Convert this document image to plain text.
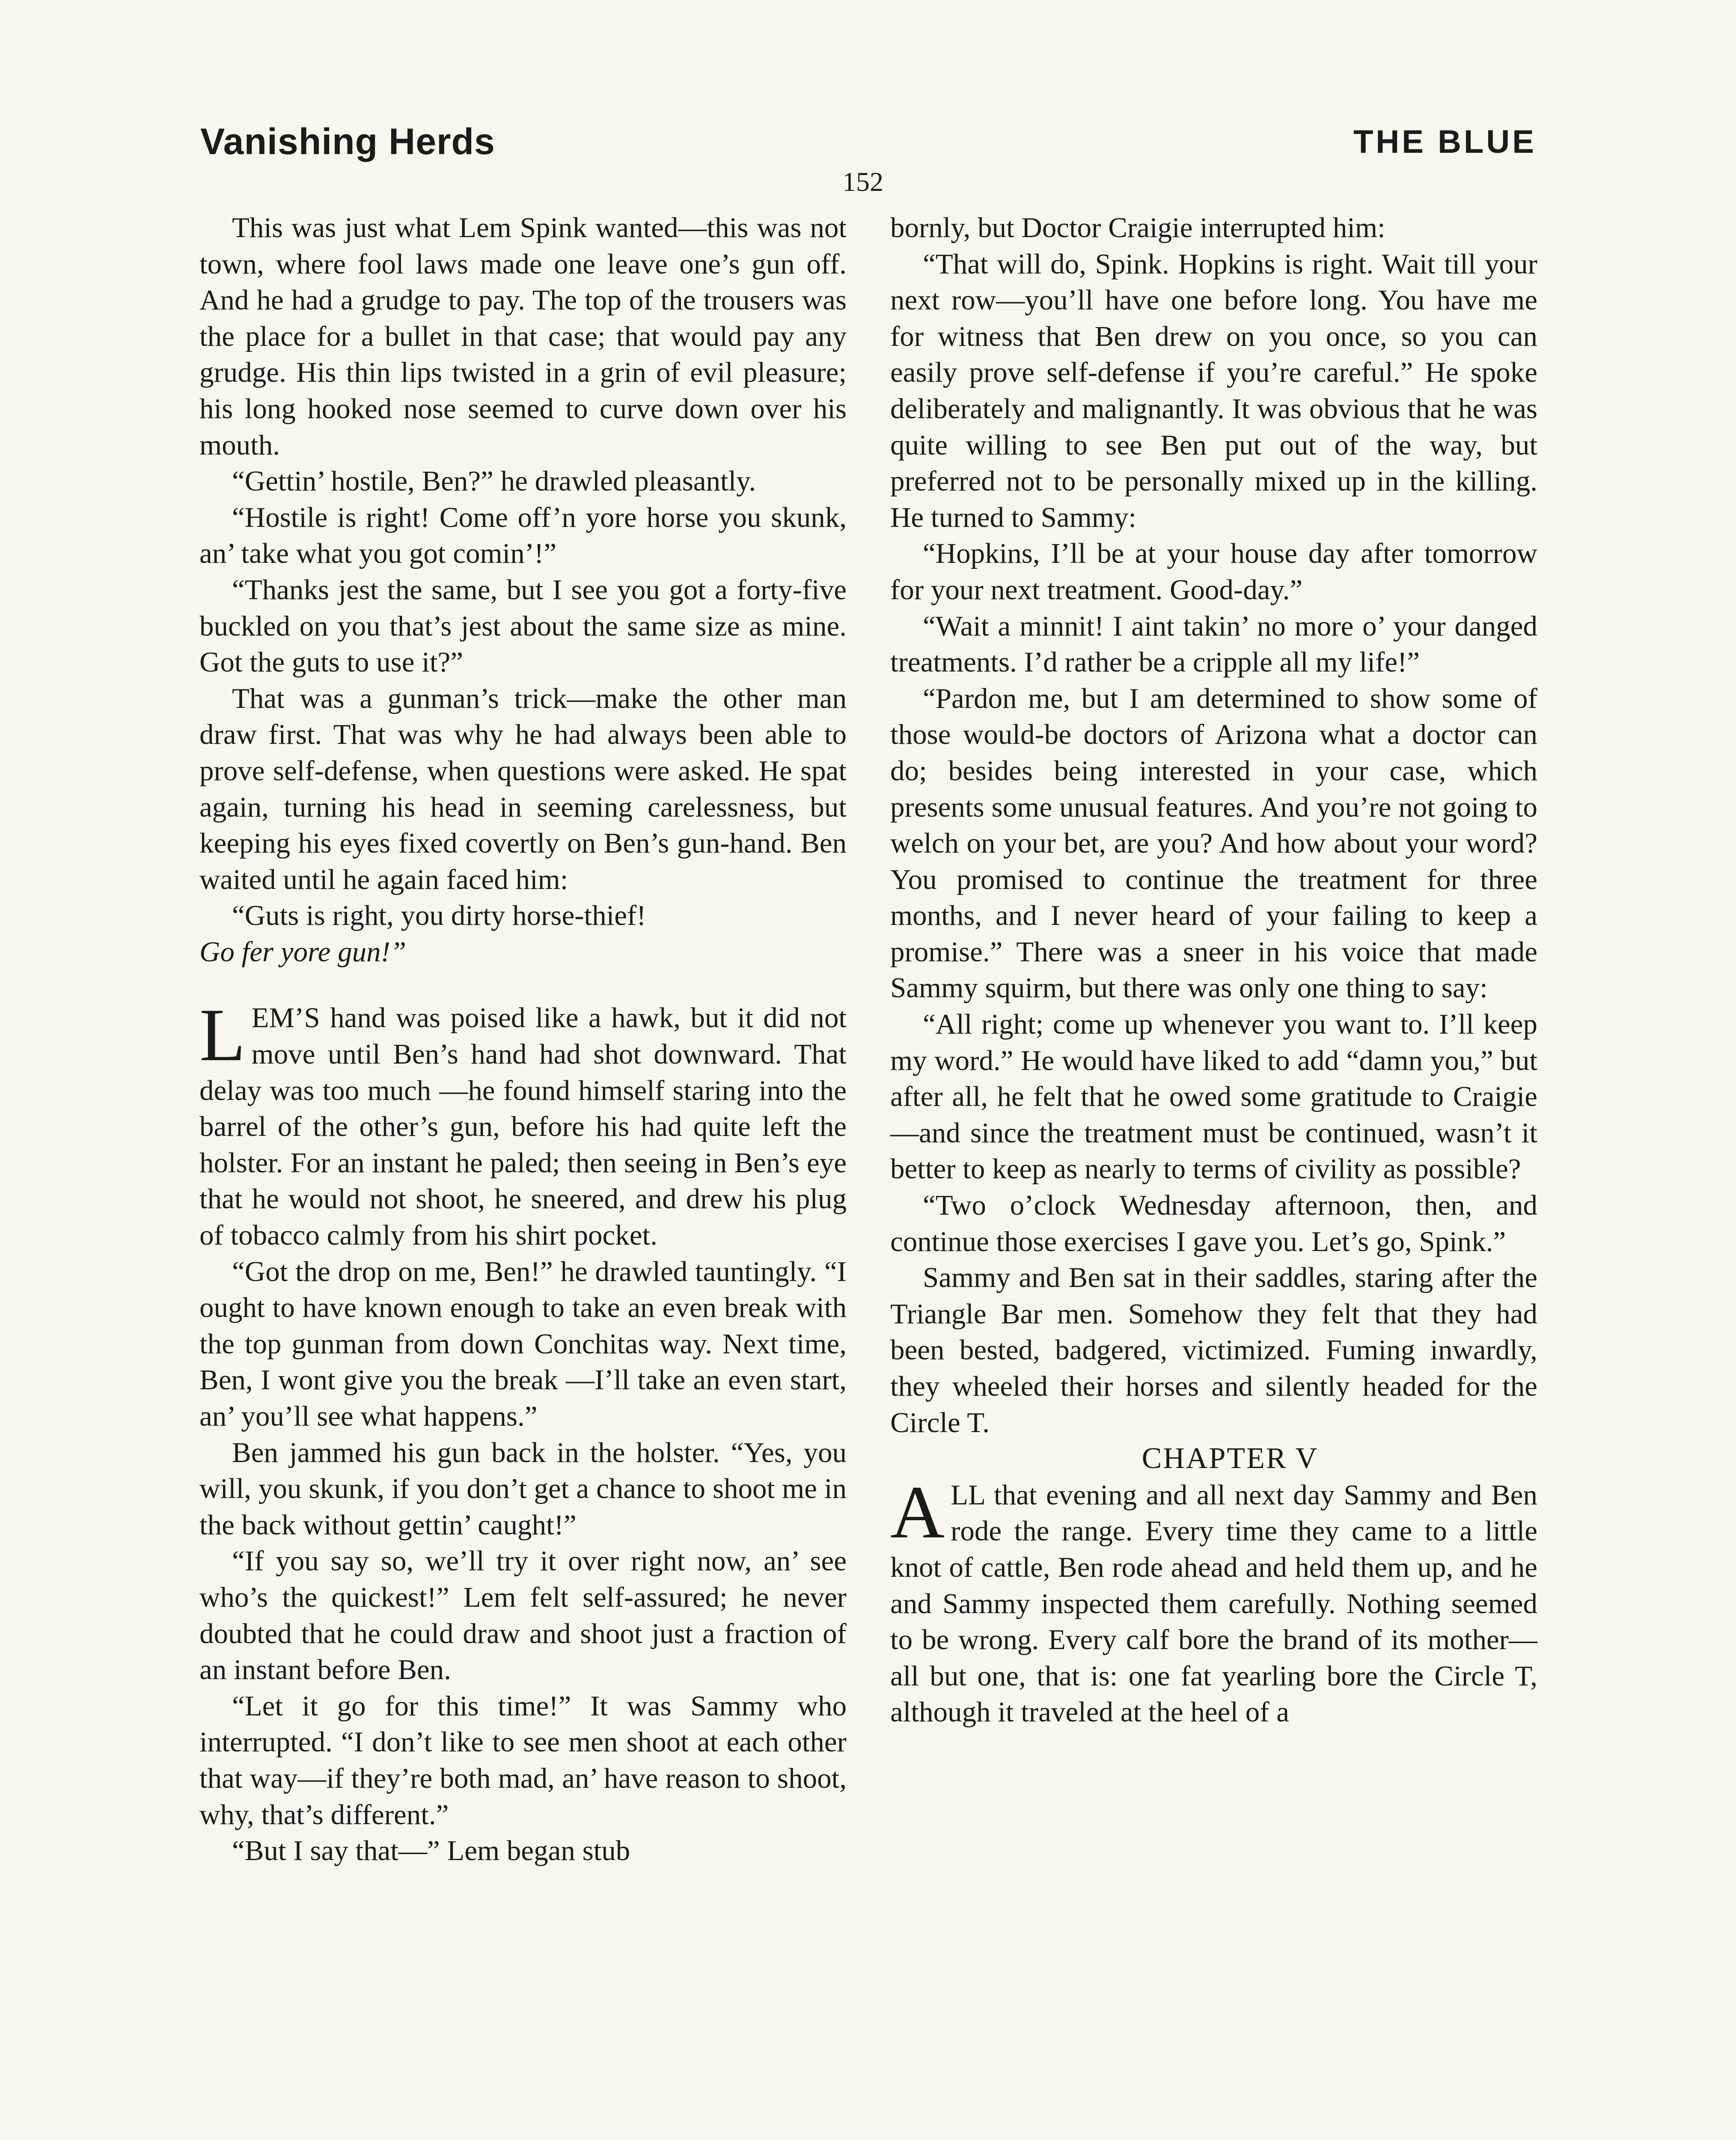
Vanishing Herds	THE BLUE
152

This was just what Lem Spink wanted—this was not town, where fool laws made one leave one’s gun off. And he had a grudge to pay. The top of the trousers was the place for a bullet in that case; that would pay any grudge. His thin lips twisted in a grin of evil pleasure; his long hooked nose seemed to curve down over his mouth.

“Gettin’ hostile, Ben?” he drawled pleasantly.

“Hostile is right! Come off’n yore horse you skunk, an’ take what you got comin’!”

“Thanks jest the same, but I see you got a forty-five buckled on you that’s jest about the same size as mine. Got the guts to use it?”

That was a gunman’s trick—make the other man draw first. That was why he had always been able to prove self-defense, when questions were asked. He spat again, turning his head in seeming carelessness, but keeping his eyes fixed covertly on Ben’s gun-hand. Ben waited until he again faced him:

“Guts is right, you dirty horse-thief!

Go fer yore gun!”

LEM’S hand was poised like a hawk, but it did not move until Ben’s hand had shot downward. That delay was too much —he found himself staring into the barrel of the other’s gun, before his had quite left the holster. For an instant he paled; then seeing in Ben’s eye that he would not shoot, he sneered, and drew his plug of tobacco calmly from his shirt pocket.

“Got the drop on me, Ben!” he drawled tauntingly. “I ought to have known enough to take an even break with the top gunman from down Conchitas way. Next time, Ben, I wont give you the break —I’ll take an even start, an’ you’ll see what happens.”

Ben jammed his gun back in the holster. “Yes, you will, you skunk, if you don’t get a chance to shoot me in the back without gettin’ caught!”

“If you say so, we’ll try it over right now, an’ see who’s the quickest!” Lem felt self-assured; he never doubted that he could draw and shoot just a fraction of an instant before Ben.

“Let it go for this time!” It was Sammy who interrupted. “I don’t like to see men shoot at each other that way—if they’re both mad, an’ have reason to shoot, why, that’s different.”

“But I say that—” Lem began stub

bornly, but Doctor Craigie interrupted him:

“That will do, Spink. Hopkins is right. Wait till your next row—you’ll have one before long. You have me for witness that Ben drew on you once, so you can easily prove self-defense if you’re careful.” He spoke deliberately and malignantly. It was obvious that he was quite willing to see Ben put out of the way, but preferred not to be personally mixed up in the killing. He turned to Sammy:

“Hopkins, I’ll be at your house day after tomorrow for your next treatment. Good-day.”

“Wait a minnit! I aint takin’ no more o’ your danged treatments. I’d rather be a cripple all my life!”

“Pardon me, but I am determined to show some of those would-be doctors of Arizona what a doctor can do; besides being interested in your case, which presents some unusual features. And you’re not going to welch on your bet, are you? And how about your word? You promised to continue the treatment for three months, and I never heard of your failing to keep a promise.” There was a sneer in his voice that made Sammy squirm, but there was only one thing to say:

“All right; come up whenever you want to. I’ll keep my word.” He would have liked to add “damn you,” but after all, he felt that he owed some gratitude to Craigie —and since the treatment must be continued, wasn’t it better to keep as nearly to terms of civility as possible?

“Two o’clock Wednesday afternoon, then, and continue those exercises I gave you. Let’s go, Spink.”

Sammy and Ben sat in their saddles, staring after the Triangle Bar men. Somehow they felt that they had been bested, badgered, victimized. Fuming inwardly, they wheeled their horses and silently headed for the Circle T.

CHAPTER V

ALL that evening and all next day Sammy and Ben rode the range. Every time they came to a little knot of cattle, Ben rode ahead and held them up, and he and Sammy inspected them carefully. Nothing seemed to be wrong. Every calf bore the brand of its mother—all but one, that is: one fat yearling bore the Circle T, although it traveled at the heel of a
